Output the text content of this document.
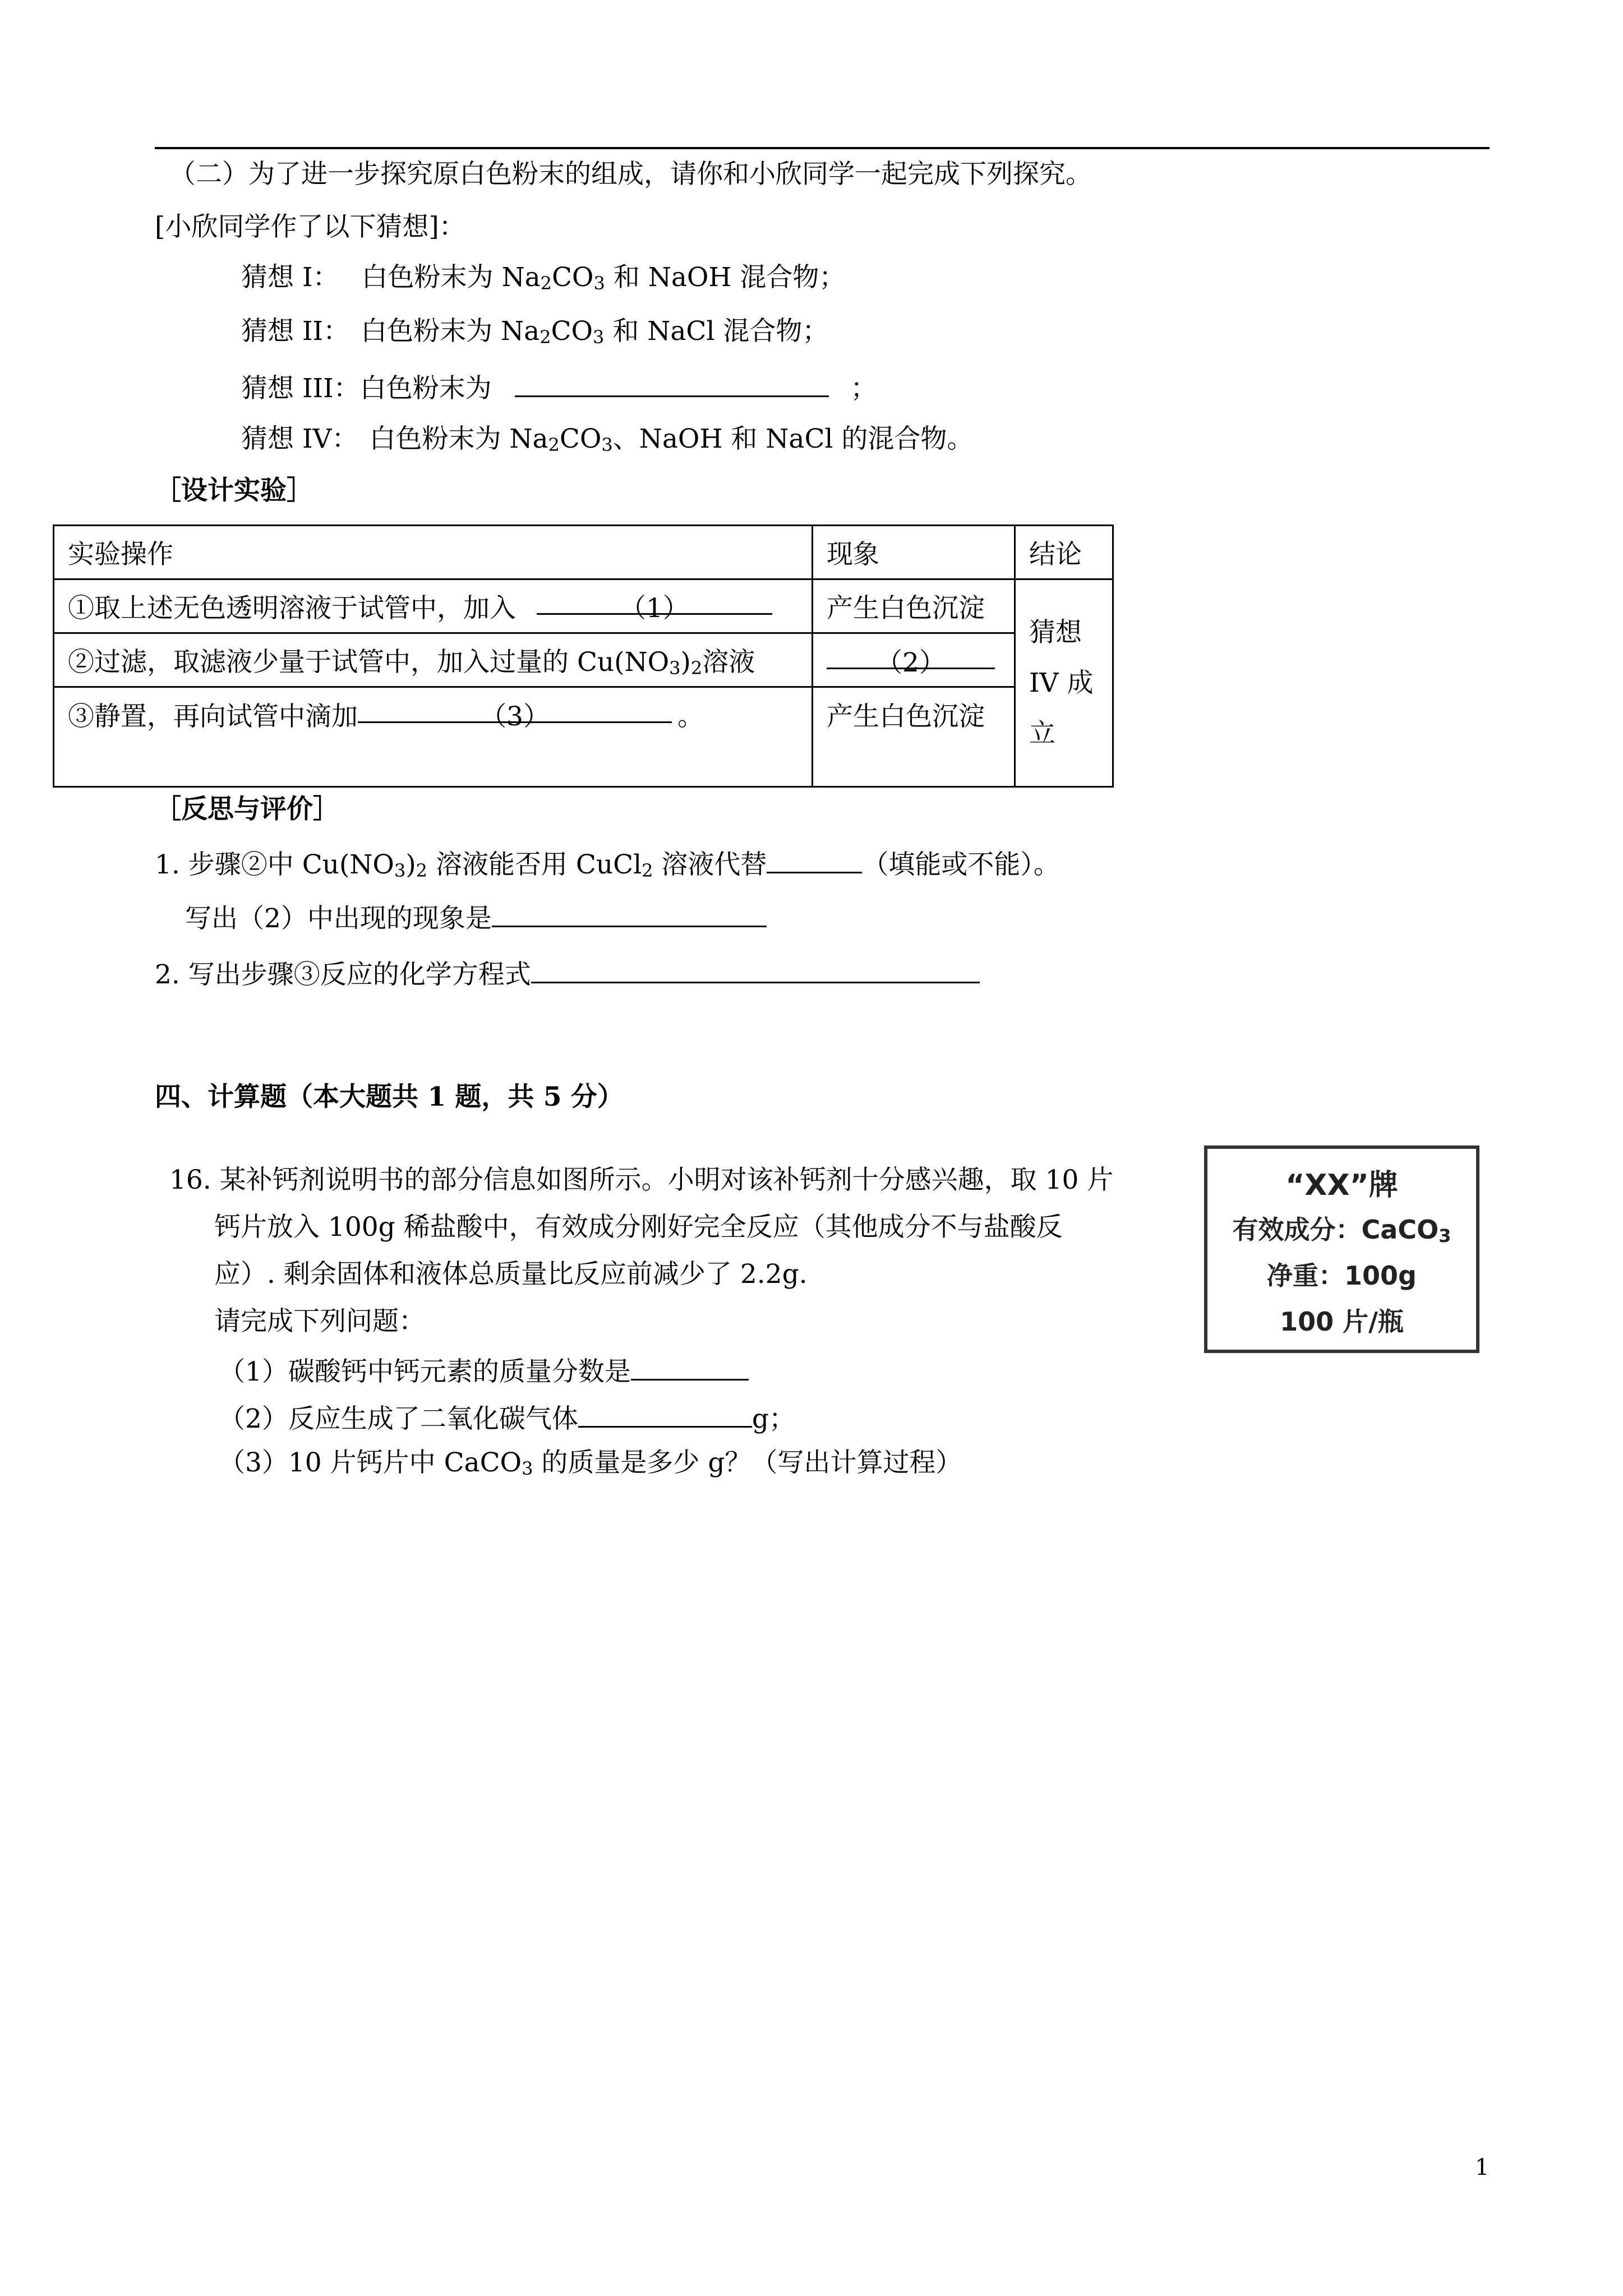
（二）为了进一步探究原白色粉末的组成，请你和小欣同学一起完成下列探究。
[小欣同学作了以下猜想]：
猜想 I： 白色粉末为 $Na_2CO_3$ 和 NaOH 混合物；
猜想 II： 白色粉末为 $Na_2CO_3$ 和 NaCl 混合物；
猜想 III：白色粉末为	；
猜想 IV： 白色粉末为 $Na_2CO_3$、NaOH 和 NaCl 的混合物。
［设计实验］
实验操作	现象	结论
①取上述无色透明溶液于试管中，加入 （1）	产生白色沉淀	猜想
IV 成
立

②过滤，取滤液少量于试管中，加入过量的 $Cu(NO_3)_2$溶液	（2）	
③静置，再向试管中滴加 （3） 。	产生白色沉淀	
［反思与评价］
1. 步骤②中 $Cu(NO_3)_2$ 溶液能否用 CuCl$_2$ 溶液代替	（填能或不能）。
写出（2）中出现的现象是
2. 写出步骤③反应的化学方程式
四、计算题（本大题共 1 题，共 5 分）
16. 某补钙剂说明书的部分信息如图所示。小明对该补钙剂十分感兴趣，取 10 片
钙片放入 100g 稀盐酸中，有效成分刚好完全反应（其他成分不与盐酸反
应）. 剩余固体和液体总质量比反应前减少了 2.2g.
请完成下列问题：
（1）碳酸钙中钙元素的质量分数是
（2）反应生成了二氧化碳气体	g；
（3）10 片钙片中 CaCO$_3$ 的质量是多少 g？（写出计算过程）
“XX”牌
有效成分：CaCO$_3$
净重：100g
100 片/瓶
1
